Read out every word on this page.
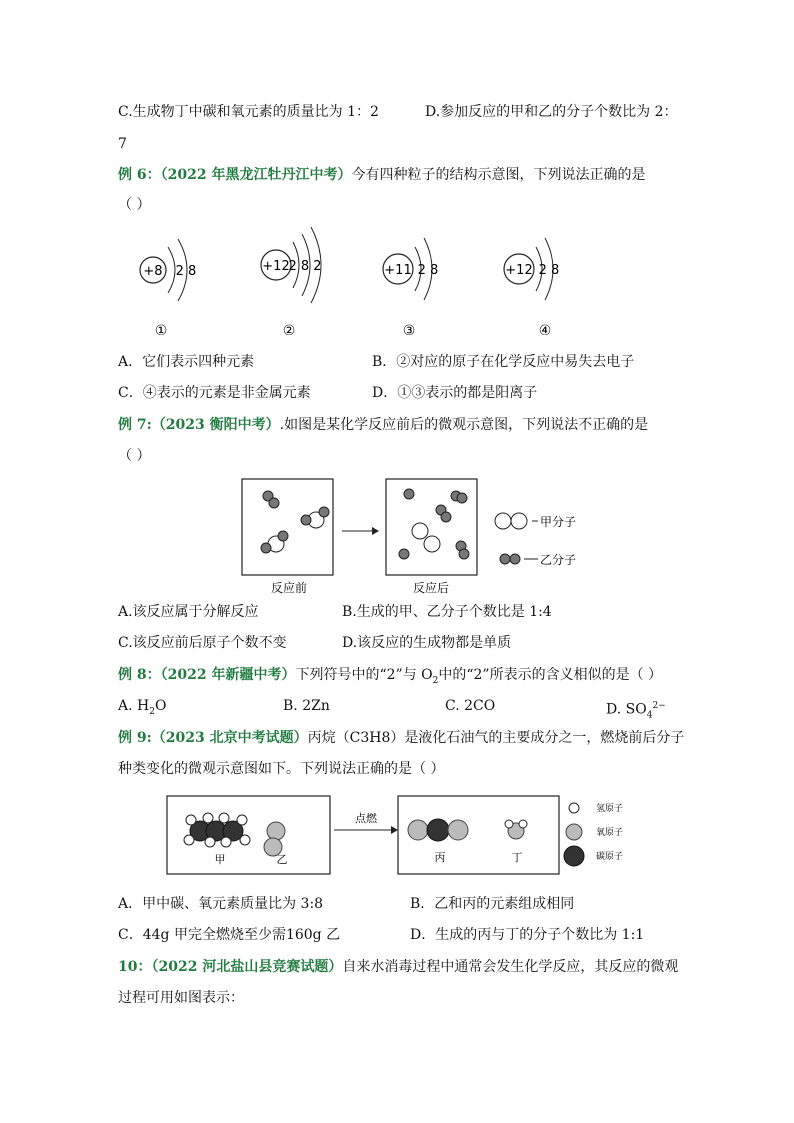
C.生成物丁中碳和氧元素的质量比为 1：2	D.参加反应的甲和乙的分子个数比为 2：
7
例 6：（2022 年黑龙江牡丹江中考）今有四种粒子的结构示意图，下列说法正确的是
（ ）
+8 2 8
①
+12
2 8 2
②
+11 2 8
③
+12 2 8
④
A．它们表示四种元素	B．②对应的原子在化学反应中易失去电子
C．④表示的元素是非金属元素	D．①③表示的都是阳离子
例 7:（2023 衡阳中考）.如图是某化学反应前后的微观示意图，下列说法不正确的是
（ ）
反应前	反应后
甲分子
乙分子
A.该反应属于分解反应	B.生成的甲、乙分子个数比是 1:4
C.该反应前后原子个数不变	D.该反应的生成物都是单质
例 8：（2022 年新疆中考）下列符号中的“2”与 $O_2$中的“2”所表示的含义相似的是（ ）
A. $H_2O$	B. 2Zn	C. 2CO	D. $SO_4^{2-}$
例 9:（2023 北京中考试题）丙烷（C3H8）是液化石油气的主要成分之一，燃烧前后分子
种类变化的微观示意图如下。下列说法正确的是（ ）
甲	乙
点燃
丙	丁
氢原子
氧原子
碳原子
A．甲中碳、氧元素质量比为 3:8	B．乙和丙的元素组成相同
C．44g 甲完全燃烧至少需160g 乙	D．生成的丙与丁的分子个数比为 1:1
10：（2022 河北盐山县竞赛试题）自来水消毒过程中通常会发生化学反应，其反应的微观
过程可用如图表示：
